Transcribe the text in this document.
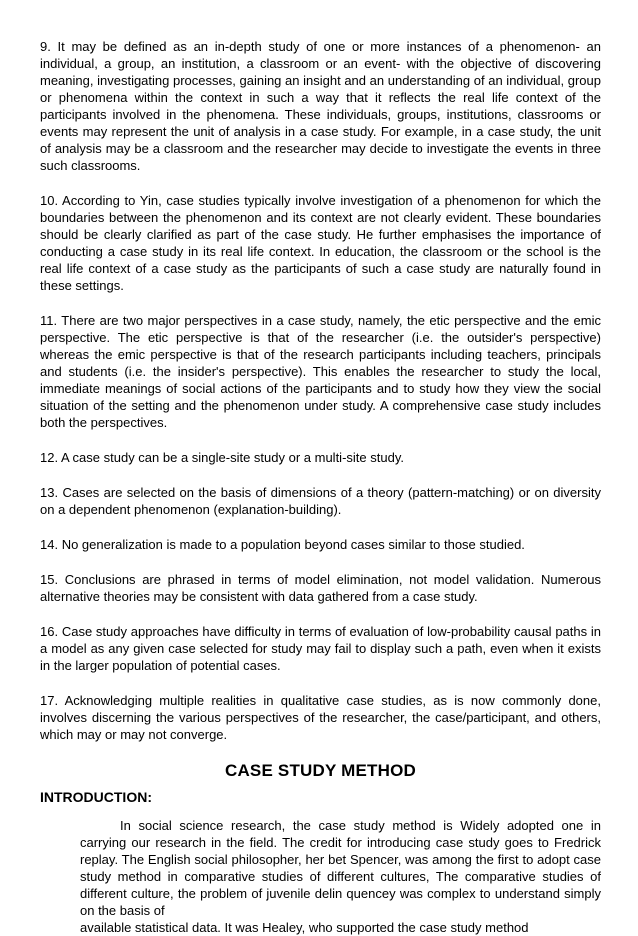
9. It may be defined as an in-depth study of one or more instances of a phenomenon- an individual, a group, an institution, a classroom or an event- with the objective of discovering meaning, investigating processes, gaining an insight and an understanding of an individual, group or phenomena within the context in such a way that it reflects the real life context of the participants involved in the phenomena. These individuals, groups, institutions, classrooms or events may represent the unit of analysis in a case study. For example, in a case study, the unit of analysis may be a classroom and the researcher may decide to investigate the events in three such classrooms.

10. According to Yin, case studies typically involve investigation of a phenomenon for which the boundaries between the phenomenon and its context are not clearly evident. These boundaries should be clearly clarified as part of the case study. He further emphasises the importance of conducting a case study in its real life context. In education, the classroom or the school is the real life context of a case study as the participants of such a case study are naturally found in these settings.

11. There are two major perspectives in a case study, namely, the etic perspective and the emic perspective. The etic perspective is that of the researcher (i.e. the outsider's perspective) whereas the emic perspective is that of the research participants including teachers, principals and students (i.e. the insider's perspective). This enables the researcher to study the local, immediate meanings of social actions of the participants and to study how they view the social situation of the setting and the phenomenon under study. A comprehensive case study includes both the perspectives.

12. A case study can be a single-site study or a multi-site study.

13. Cases are selected on the basis of dimensions of a theory (pattern-matching) or on diversity on a dependent phenomenon (explanation-building).

14. No generalization is made to a population beyond cases similar to those studied.

15. Conclusions are phrased in terms of model elimination, not model validation. Numerous alternative theories may be consistent with data gathered from a case study.

16. Case study approaches have difficulty in terms of evaluation of low-probability causal paths in a model as any given case selected for study may fail to display such a path, even when it exists in the larger population of potential cases.

17. Acknowledging multiple realities in qualitative case studies, as is now commonly done, involves discerning the various perspectives of the researcher, the case/participant, and others, which may or may not converge.

CASE STUDY METHOD
INTRODUCTION:
In social science research, the case study method is Widely adopted one in carrying our research in the field. The credit for introducing case study goes to Fredrick replay. The English social philosopher, her bet Spencer, was among the first to adopt case study method in comparative studies of different cultures, The comparative studies of different culture, the problem of juvenile delin quencey was complex to understand simply on the basis of
available statistical data. It was Healey, who supported the case study method
